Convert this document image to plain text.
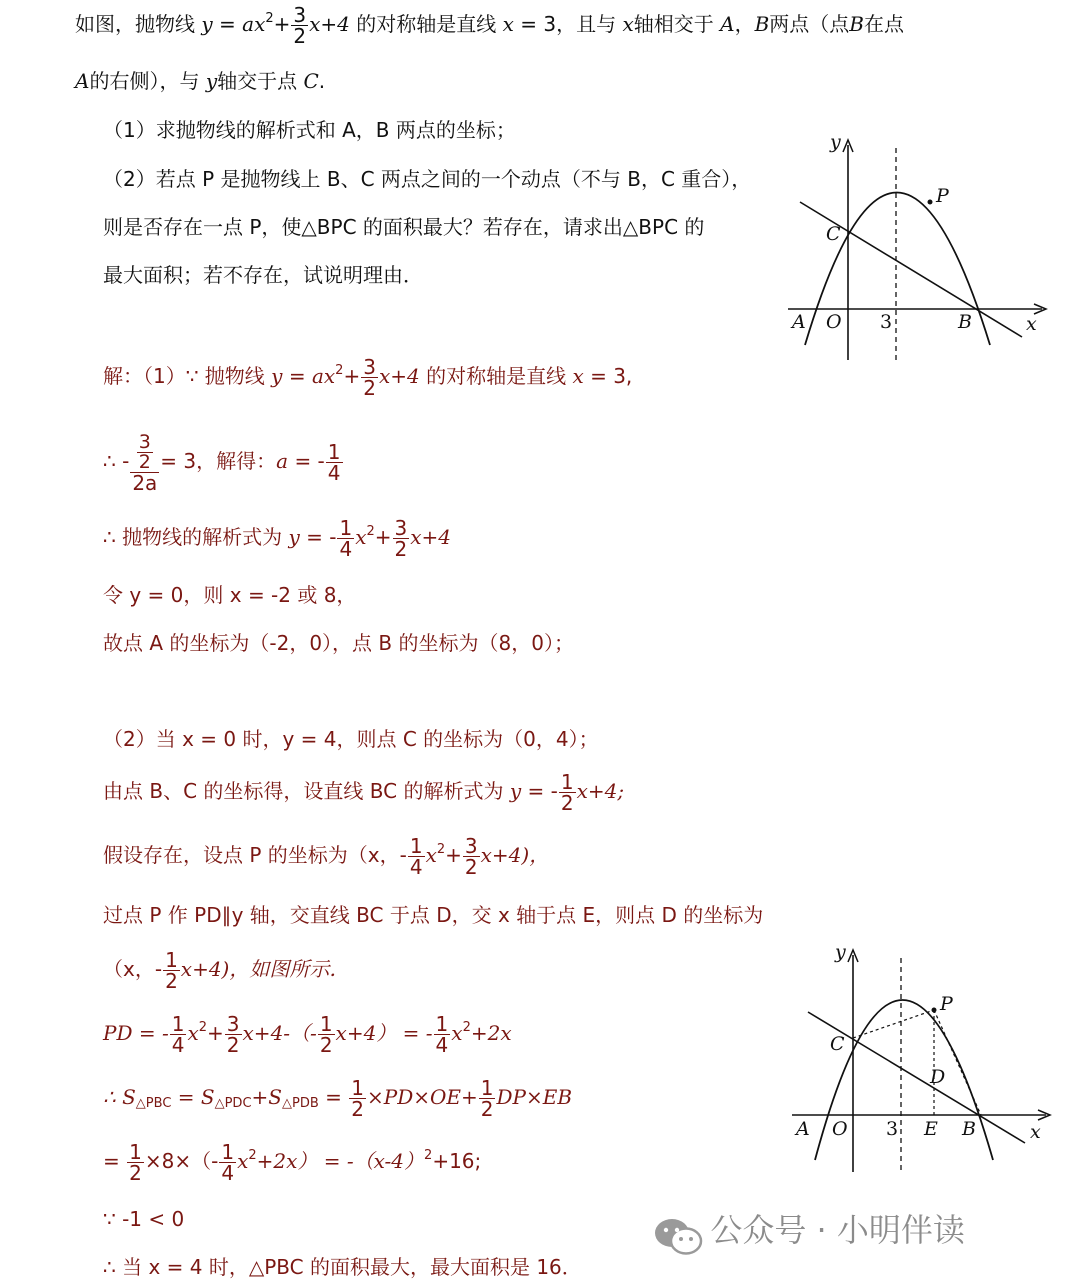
如图，抛物线 $y = ax^2+ \frac{3}{2} x+4$ 的对称轴是直线 x = 3，且与 x轴相交于 A，B两点（点B在点
A的右侧），与 y轴交于点 C.
（1）求抛物线的解析式和 A，B 两点的坐标；
（2）若点 P 是抛物线上 B、C 两点之间的一个动点（不与 B，C 重合），
则是否存在一点 P，使△BPC 的面积最大？若存在，请求出△BPC 的
最大面积；若不存在，试说明理由．
y
x
P
C
A O 3	B
解：（1）∵ 抛物线 $y = ax^2+ \frac{3}{2} x+4$ 的对称轴是直线 x = 3,
∴ - $\frac{\frac{3}{2}}{2a} = 3$，解得：a = - $\frac{1}{4}$
∴ 抛物线的解析式为 y = - $\frac{1}{4} x^2+ \frac{3}{2} x+4$
令 y = 0，则 x = -2 或 8，
故点 A 的坐标为（-2，0），点 B 的坐标为（8，0）；
（2）当 x = 0 时，y = 4，则点 C 的坐标为（0，4）；
由点 B、C 的坐标得，设直线 BC 的解析式为 y = - $\frac{1}{2} x+4$;
假设存在，设点 P 的坐标为（x，- $\frac{1}{4} x^2+ \frac{3}{2} x+4$)，
过点 P 作 PD∥y 轴，交直线 BC 于点 D，交 x 轴于点 E，则点 D 的坐标为
（x，- $\frac{1}{2} x+4$)，如图所示．
PD = - $\frac{1}{4} x^2+ \frac{3}{2} x+4-(- \frac{1}{2} x+4)$ = - $\frac{1}{4} x^2+2x$
∴ $S_{\triangle PBC} = S_{\triangle PDC}+S_{\triangle PDB} = \frac{1}{2} \times PD\times OE+ \frac{1}{2} DP\times EB$
= $\frac{1}{2} \times 8\times(- \frac{1}{4} x^2+2x) = -(x-4)^2+16$;
∵ -1 < 0
∴ 当 x = 4 时，△PBC 的面积最大，最大面积是 16．
y
x
P
C
D
A O 3 E B
公众号 · 小明伴读
